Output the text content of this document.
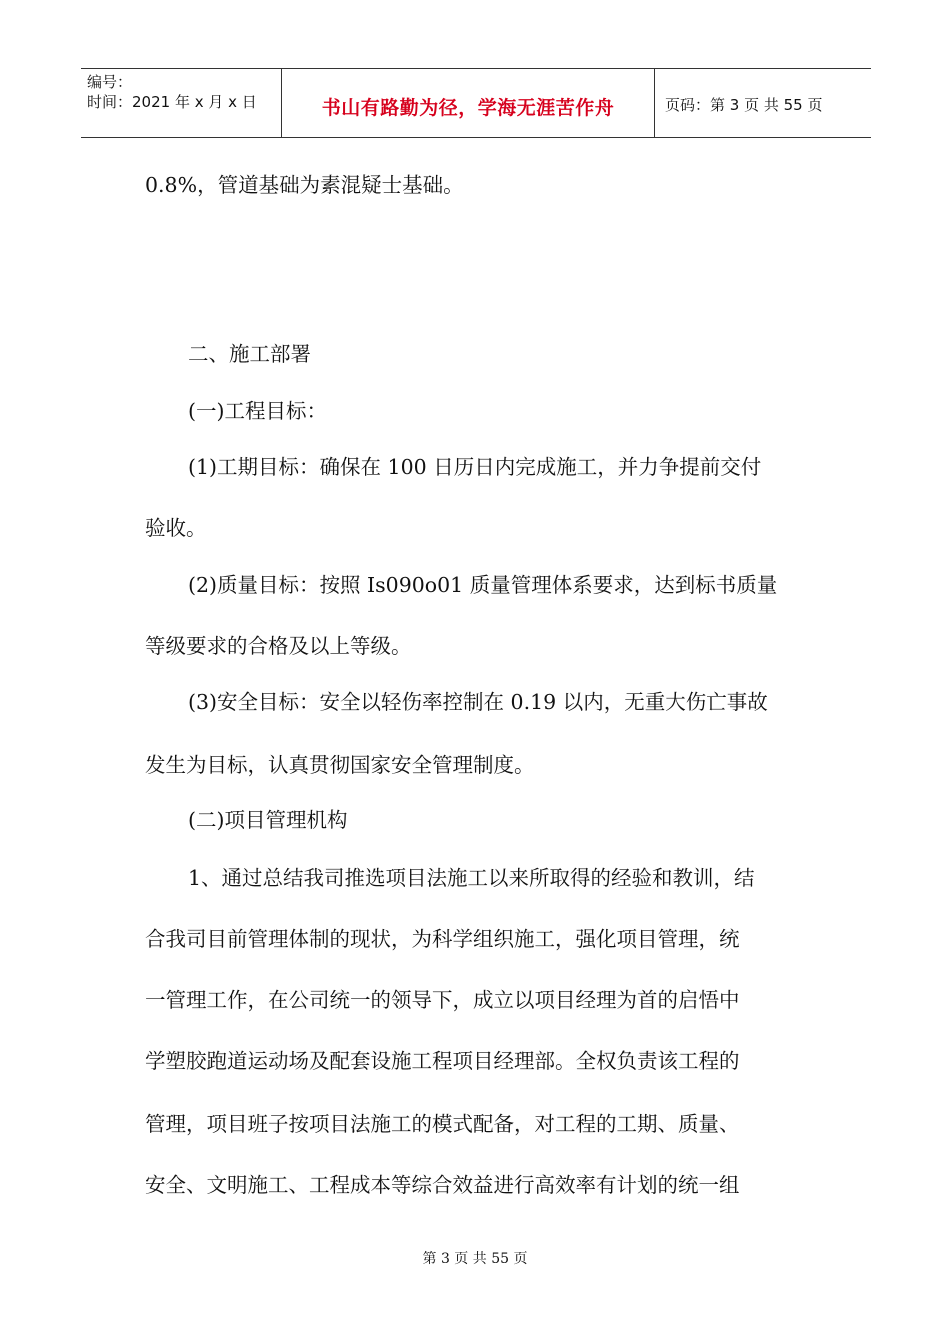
编号：
时间：2021 年 x 月 x 日	书山有路勤为径，学海无涯苦作舟	页码：第 3 页 共 55 页
0.8%，管道基础为素混疑士基础。
二、施工部署
(一)工程目标：
(1)工期目标：确保在 100 日历日内完成施工，并力争提前交付
验收。
(2)质量目标：按照 Is090o01 质量管理体系要求，达到标书质量
等级要求的合格及以上等级。
(3)安全目标：安全以轻伤率控制在 0.19 以内，无重大伤亡事故
发生为目标，认真贯彻国家安全管理制度。
(二)项目管理机构
1、通过总结我司推选项目法施工以来所取得的经验和教训，结
合我司目前管理体制的现状，为科学组织施工，强化项目管理，统
一管理工作，在公司统一的领导下，成立以项目经理为首的启悟中
学塑胶跑道运动场及配套设施工程项目经理部。全权负责该工程的
管理，项目班子按项目法施工的模式配备，对工程的工期、质量、
安全、文明施工、工程成本等综合效益进行高效率有计划的统一组
第 3 页 共 55 页
